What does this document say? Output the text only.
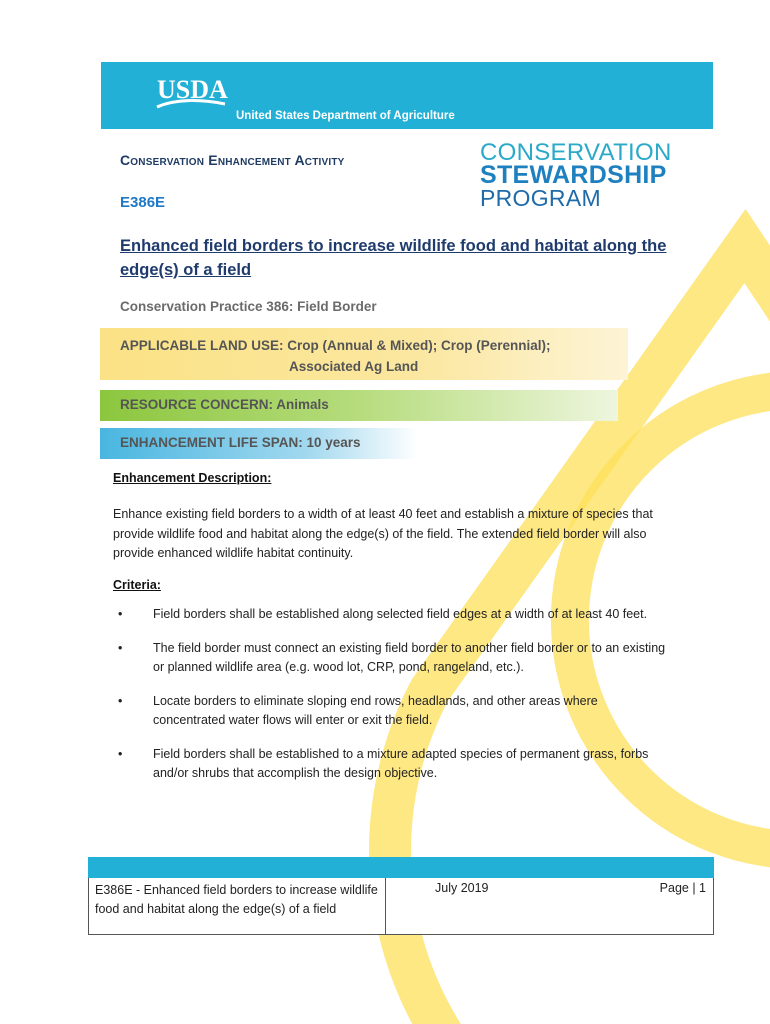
USDA
United States Department of Agriculture
Conservation Enhancement Activity	CONSERVATION
STEWARDSHIP
PROGRAM
E386E
Enhanced field borders to increase wildlife food and habitat along the edge(s) of a field
Conservation Practice 386: Field Border
APPLICABLE LAND USE: Crop (Annual & Mixed); Crop (Perennial);
Associated Ag Land
RESOURCE CONCERN: Animals
ENHANCEMENT LIFE SPAN: 10 years
Enhancement Description:
Enhance existing field borders to a width of at least 40 feet and establish a mixture of species that provide wildlife food and habitat along the edge(s) of the field. The extended field border will also provide enhanced wildlife habitat continuity.
Criteria:
• Field borders shall be established along selected field edges at a width of at least 40 feet.
• The field border must connect an existing field border to another field border or to an existing or planned wildlife area (e.g. wood lot, CRP, pond, rangeland, etc.).
• Locate borders to eliminate sloping end rows, headlands, and other areas where concentrated water flows will enter or exit the field.
• Field borders shall be established to a mixture adapted species of permanent grass, forbs and/or shrubs that accomplish the design objective.
E386E - Enhanced field borders to increase wildlife food and habitat along the edge(s) of a field
July 2019	Page | 1
